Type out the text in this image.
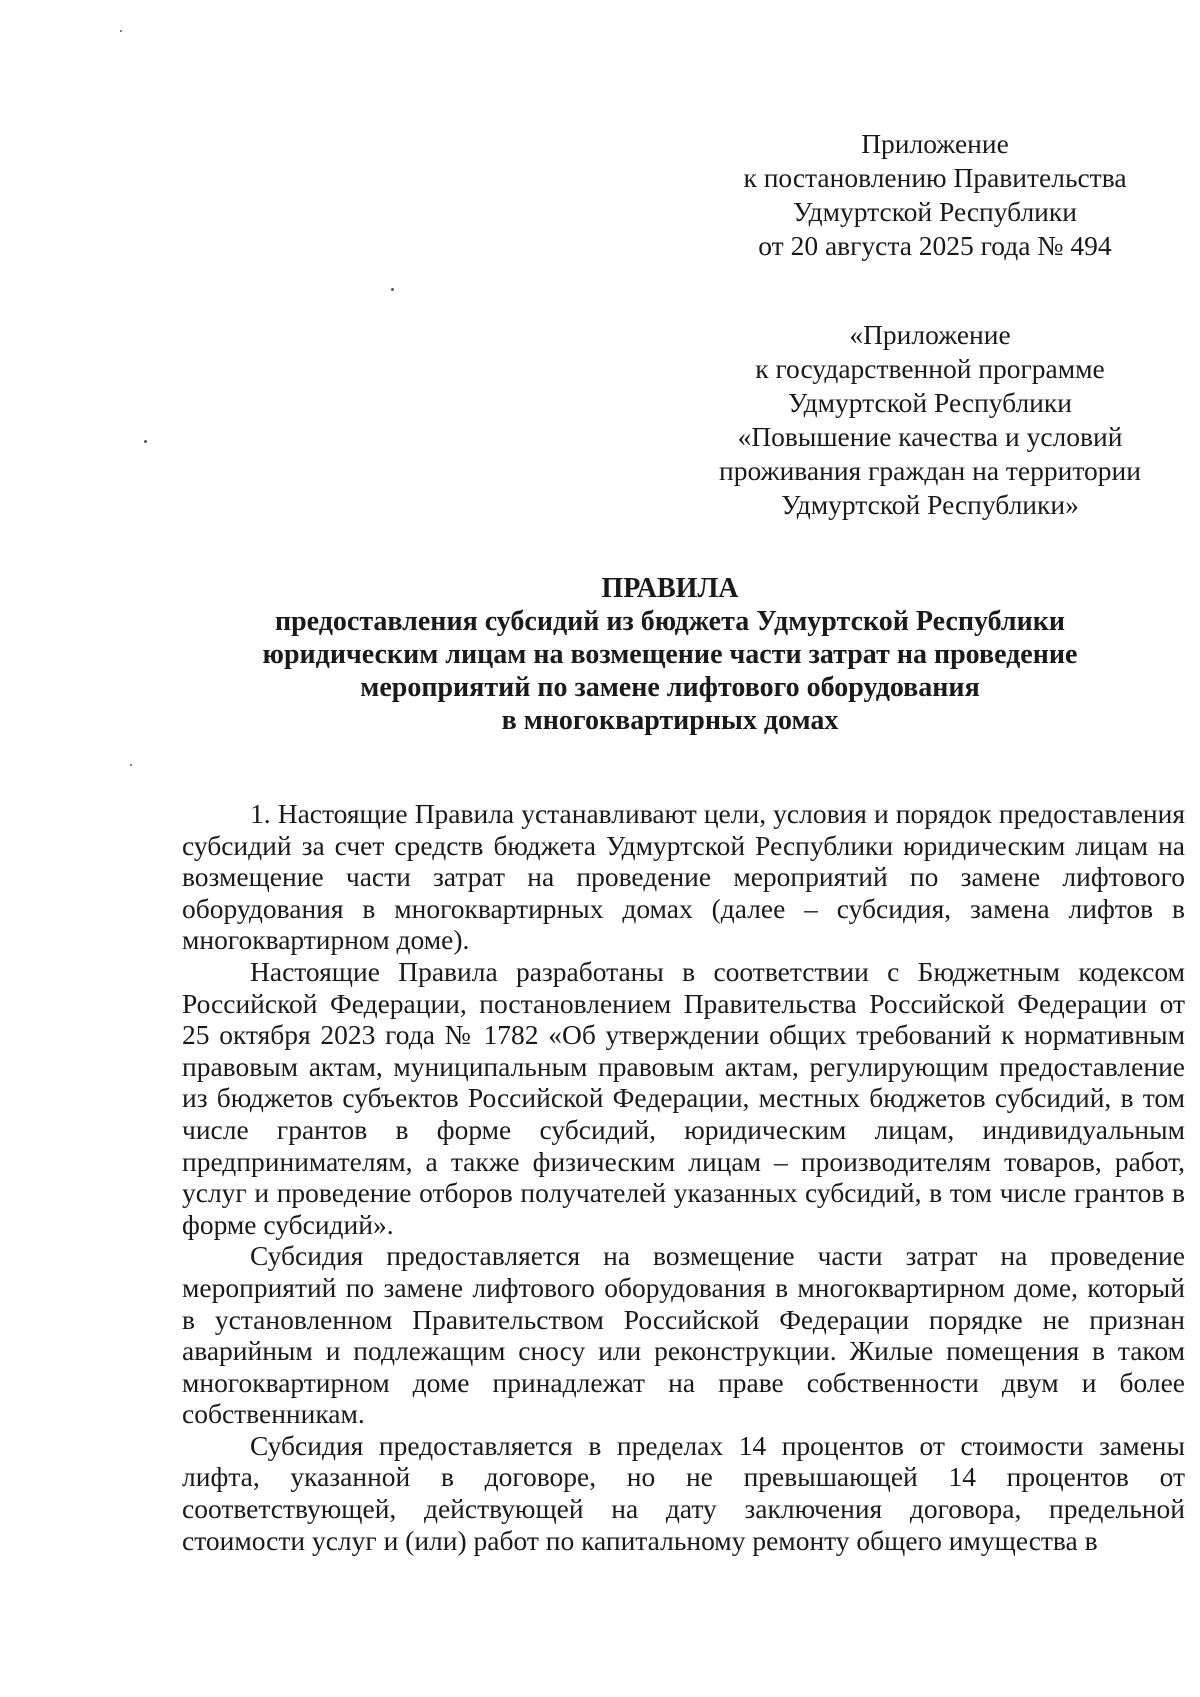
Приложение
к постановлению Правительства
Удмуртской Республики
от 20 августа 2025 года № 494
«Приложение
к государственной программе
Удмуртской Республики
«Повышение качества и условий
проживания граждан на территории
Удмуртской Республики»
ПРАВИЛА
предоставления субсидий из бюджета Удмуртской Республики
юридическим лицам на возмещение части затрат на проведение
мероприятий по замене лифтового оборудования
в многоквартирных домах

1. Настоящие Правила устанавливают цели, условия и порядок предоставления субсидий за счет средств бюджета Удмуртской Республики юридическим лицам на возмещение части затрат на проведение мероприятий по замене лифтового оборудования в многоквартирных домах (далее – субсидия, замена лифтов в многоквартирном доме).

Настоящие Правила разработаны в соответствии с Бюджетным кодексом Российской Федерации, постановлением Правительства Российской Федерации от 25 октября 2023 года № 1782 «Об утверждении общих требований к нормативным правовым актам, муниципальным правовым актам, регулирующим предоставление из бюджетов субъектов Российской Федерации, местных бюджетов субсидий, в том числе грантов в форме субсидий, юридическим лицам, индивидуальным предпринимателям, а также физическим лицам – производителям товаров, работ, услуг и проведение отборов получателей указанных субсидий, в том числе грантов в форме субсидий».

Субсидия предоставляется на возмещение части затрат на проведение мероприятий по замене лифтового оборудования в многоквартирном доме, который в установленном Правительством Российской Федерации порядке не признан аварийным и подлежащим сносу или реконструкции. Жилые помещения в таком многоквартирном доме принадлежат на праве собственности двум и более собственникам.

Субсидия предоставляется в пределах 14 процентов от стоимости замены лифта, указанной в договоре, но не превышающей 14 процентов от соответствующей, действующей на дату заключения договора, предельной стоимости услуг и (или) работ по капитальному ремонту общего имущества в
